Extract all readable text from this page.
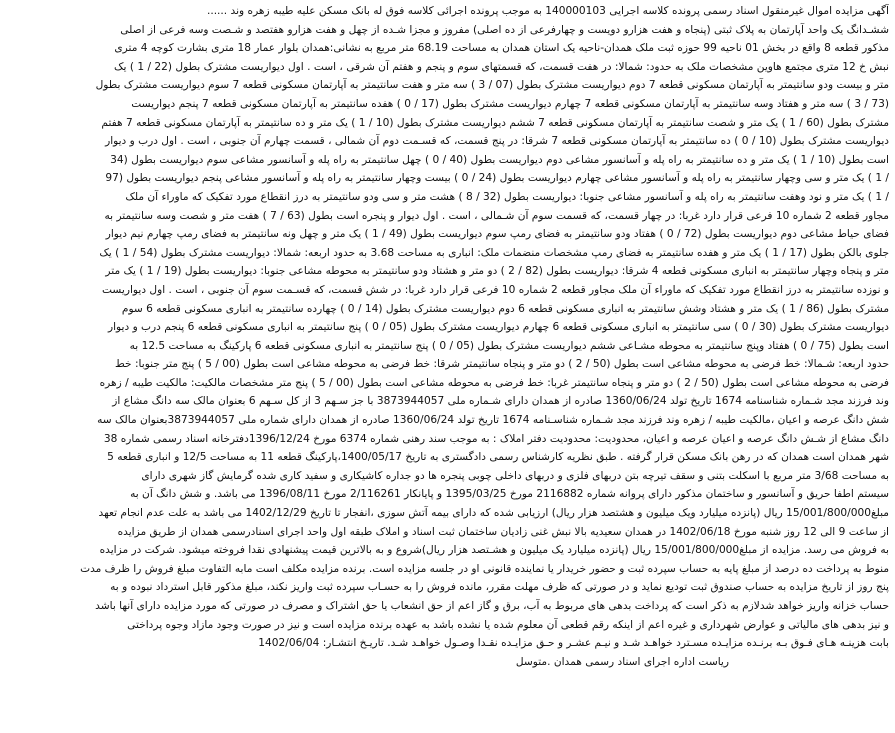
آگهی مزایده اموال غیرمنقول اسناد رسمی پرونده کلاسه اجرایی 140000103 به موجب پرونده اجرائی کلاسه فوق له بانک مسکن علیه طیبه زهره وند ......
ششـدانگ یک واحد آپارتمان به پلاک ثبتی (پنجاه و هفت هزارو دویست و چهارفرعی از ده اصلی) مفروز و مجزا شـده از چهل و هفت هزارو هفتصد و شـصت وسه فرعی از اصلی
مذکور قطعه 8 واقع در بخش 01 ناحیه 99 حوزه ثبت ملک همدان-ناحیه یک استان همدان به مساحت 68.19 متر مربع به نشانی:همدان بلوار عمار 18 متری بشارت کوچه 4 متری
نبش خ 12 متری مجتمع هاوین مشخصات ملک به حدود: شمالا: در هفت قسمت، که قسمتهای سوم و پنجم و هفتم آن شرقی ، است . اول دیواریست مشترک بطول (22 / 1 ) یک
متر و بیست ودو سانتیمتر به آپارتمان مسکونی قطعه 7 دوم دیواریست مشترک بطول (07 / 3 ) سه متر و هفت سانتیمتر به آپارتمان مسکونی قطعه 7 سوم دیواریست مشترک بطول
(73 / 3 ) سه متر و هفتاد وسه سانتیمتر به آپارتمان مسکونی قطعه 7 چهارم دیواریست مشترک بطول (17 / 0 ) هفده سانتیمتر به آپارتمان مسکونی قطعه 7 پنجم دیواریست
مشترک بطول (60 / 1 ) یک متر و شصت سانتیمتر به آپارتمان مسکونی قطعه 7 ششم دیواریست مشترک بطول (10 / 1 ) یک متر و ده سانتیمتر به آپارتمان مسکونی قطعه 7 هفتم
دیواریست مشترک بطول (10 / 0 ) ده سانتیمتر به آپارتمان مسکونی قطعه 7 شرقا: در پنج قسمت، که قسـمت دوم آن شمالی ، قسمت چهارم آن جنوبی ، است . اول درب و دیوار
است بطول (10 / 1 ) یک متر و ده سانتیمتر به راه پله و آسانسور مشاعی دوم دیواریست بطول (40 / 0 ) چهل سانتیمتر به راه پله و آسانسور مشاعی سوم دیواریست بطول (34
/ 1 ) یک متر و سی وچهار سانتیمتر به راه پله و آسانسور مشاعی چهارم دیواریست بطول (24 / 0 ) بیست وچهار سانتیمتر به راه پله و آسانسور مشاعی پنجم دیواریست بطول (97
/ 1 ) یک متر و نود وهفت سانتیمتر به راه پله و آسانسور مشاعی جنوبا: دیواریست بطول (32 / 8 ) هشت متر و سی ودو سانتیمتر به درز انقطاع مورد تفکیک که ماوراء آن ملک
مجاور قطعه 2 شماره 10 فرعی قرار دارد غربا: در چهار قسمت، که قسمت سوم آن شـمالی ، است . اول دیوار و پنجره است بطول (63 / 7 ) هفت متر و شصت وسه سانتیمتر به
فضای حیاط مشاعی دوم دیواریست بطول (72 / 0 ) هفتاد ودو سانتیمتر به فضای رمپ سوم دیواریست بطول (49 / 1 ) یک متر و چهل ونه سانتیمتر به فضای رمپ چهارم نیم دیوار
جلوی بالکن بطول (17 / 1 ) یک متر و هفده سانتیمتر به فضای رمپ مشخصات منضمات ملک: انباری به مساحت 3.68 به حدود اربعه: شمالا: دیواریست مشترک بطول (54 / 1 ) یک
متر و پنجاه وچهار سانتیمتر به انباری مسکونی قطعه 4 شرقا: دیواریست بطول (82 / 2 ) دو متر و هشتاد ودو سانتیمتر به محوطه مشاعی جنوبا: دیواریست بطول (19 / 1 ) یک متر
و نوزده سانتیمتر به درز انقطاع مورد تفکیک که ماوراء آن ملک مجاور قطعه 2 شماره 10 فرعی قرار دارد غربا: در شش قسمت، که قسـمت سوم آن جنوبی ، است . اول دیواریست
مشترک بطول (86 / 1 ) یک متر و هشتاد وشش سانتیمتر به انباری مسکونی قطعه 6 دوم دیواریست مشترک بطول (14 / 0 ) چهارده سانتیمتر به انباری مسکونی قطعه 6 سوم
دیواریست مشترک بطول (30 / 0 ) سی سانتیمتر به انباری مسکونی قطعه 6 چهارم دیواریست مشترک بطول (05 / 0 ) پنج سانتیمتر به انباری مسکونی قطعه 6 پنجم درب و دیوار
است بطول (75 / 0 ) هفتاد وپنج سانتیمتر به محوطه مشـاعی ششم دیواریست مشترک بطول (05 / 0 ) پنج سانتیمتر به انباری مسکونی قطعه 6 پارکینگ به مساحت 12.5 به
حدود اربعه: شـمالا: خط فرضی به محوطه مشاعی است بطول (50 / 2 ) دو متر و پنجاه سانتیمتر شرقا: خط فرضی به محوطه مشاعی است بطول (00 / 5 ) پنج متر جنوبا: خط
فرضی به محوطه مشاعی است بطول (50 / 2 ) دو متر و پنجاه سانتیمتر غربا: خط فرضی به محوطه مشاعی است بطول (00 / 5 ) پنج متر مشخصات مالکیت: مالکیت طیبه / زهره
وند فرزند مجد شـماره شناسنامه 1674 تاریخ تولد 1360/06/24 صادره از همدان دارای شـماره ملی 3873944057 با جز سـهم 3 از کل سـهم 6 بعنوان مالک سه دانگ مشاع از
شش دانگ عرصه و اعیان ،مالکیت طیبه / زهره وند فرزند مجد شـماره شناسـنامه 1674 تاریخ تولد 1360/06/24 صادره از همدان دارای شماره ملی 3873944057بعنوان مالک سه
دانگ مشاع از شـش دانگ عرصه و اعیان عرصه و اعیان، محدودیت: محدودیت دفتر املاک : به موجب سند رهنی شماره 6374 مورخ 1396/12/24دفترخانه اسناد رسمی شماره 38
شهر همدان است همدان که در رهن بانک مسکن قرار گرفته . طبق نظریه کارشناس رسمی دادگستری به تاریخ 1400/05/17،پارکینگ قطعه 11 به مساحت 12/5 و انباری قطعه 5
به مساحت 3/68 متر مربع با اسکلت بتنی و سقف تیرچه بتن دربهای فلزی و دربهای داخلی چوبی پنجره ها دو جداره کاشیکاری و سفید کاری شده گرمایش گاز شهری دارای
سیستم اطفا حریق و آسانسور و ساختمان مذکور دارای پروانه شماره 2116882 مورخ 1395/03/25 و پایانکار 2/116261 مورخ 1396/08/11 می باشد. و شش دانگ آن به
مبلغ15/001/800/000 ریال (پانزده میلیارد ویک میلیون و هشتصد هزار ریال) ارزیابی شده که دارای بیمه آتش سوزی ،انفجار تا تاریخ 1402/12/29 می باشد به علت عدم انجام تعهد
از ساعت 9 الی 12 روز شنبه مورخ 1402/06/18 در همدان سعیدیه بالا نبش غنی زادیان ساختمان ثبت اسناد و املاک طبقه اول واحد اجرای اسنادرسمی همدان از طریق مزایده
به فروش می رسد. مزایده از مبلغ15/001/800/000 ریال (پانزده میلیارد یک میلیون و هشـتصد هزار ریال)شروع و به بالاترین قیمت پیشنهادی نقدا فروخته میشود. شرکت در مزایده
منوط به پرداخت ده درصد از مبلغ پایه به حساب سپرده ثبت و حضور خریدار یا نماینده قانونی او در جلسه مزایده است. برنده مزایده مکلف است مابه التفاوت مبلغ فروش را ظرف مدت
پنج روز از تاریخ مزایده به حساب صندوق ثبت تودیع نماید و در صورتی که ظرف مهلت مقرر، مانده فروش را به حسـاب سپرده ثبت واریز نکند، مبلغ مذکور قابل استرداد نبوده و به
حساب خزانه واریز خواهد شدلازم به ذکر است که پرداخت بدهی های مربوط به آب، برق و گاز اعم از حق انشعاب یا حق اشتراک و مصرف در صورتی که مورد مزایده دارای آنها باشد
و نیز بدهی های مالیاتی و عوارض شهرداری و غیره اعم از اینکه رقم قطعی آن معلوم شده یا نشده باشد به عهده برنده مزایده است و نیز در صورت وجود مازاد وجوه پرداختی
بابت هزینـه هـای فـوق بـه برنـده مزایـده مسـترد خواهـد شـد و نیـم عشـر و حـق مزایـده نقـدا وصـول خواهـد شـد. تاریـخ انتشـار: 1402/06/04
ریاست اداره اجرای اسناد رسمی همدان .متوسل
